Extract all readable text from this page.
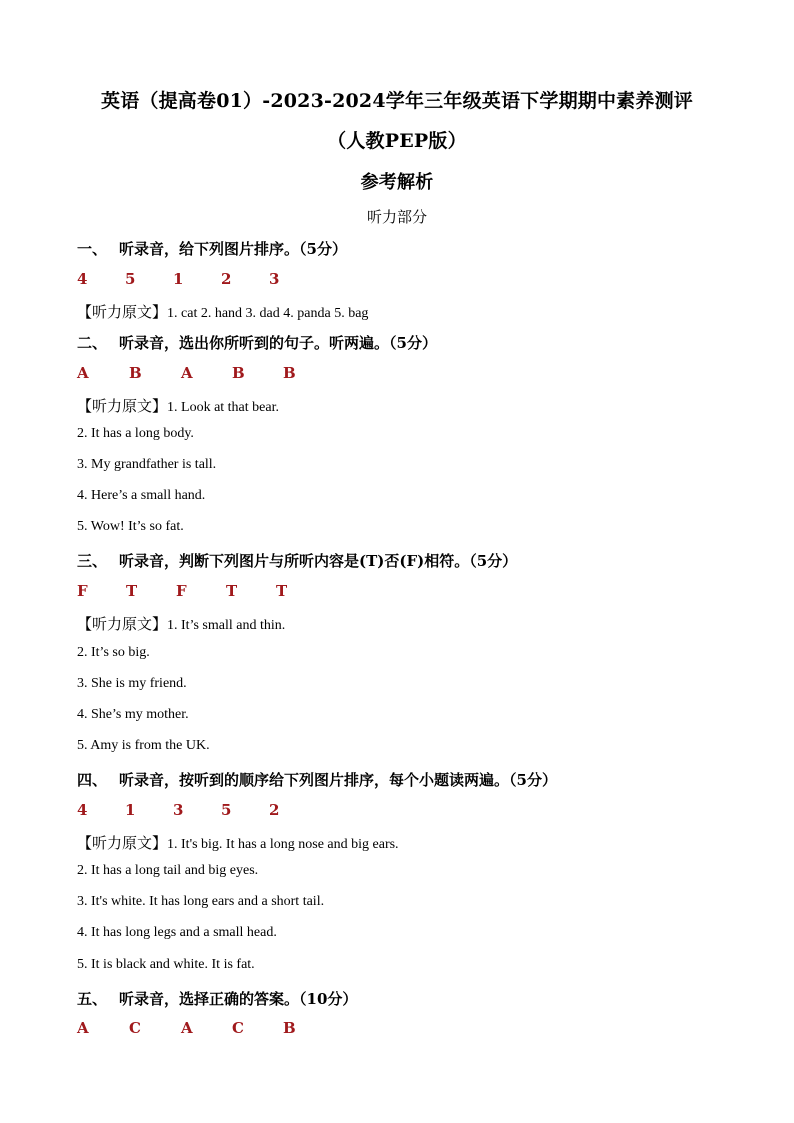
英语（提高卷01）-2023-2024学年三年级英语下学期期中素养测评
（人教PEP版）
参考解析
听力部分
一、 听录音，给下列图片排序。（5分）
4	5	1	2	3
【听力原文】1. cat 2. hand 3. dad 4. panda 5. bag
二、 听录音，选出你所听到的句子。听两遍。（5分）
A	B	A	B	B
【听力原文】1. Look at that bear.
2. It has a long body.
3. My grandfather is tall.
4. Here’s a small hand.
5. Wow! It’s so fat.
三、 听录音，判断下列图片与所听内容是(T)否(F)相符。（5分）
F	T	F	T	T
【听力原文】1. It’s small and thin.
2. It’s so big.
3. She is my friend.
4. She’s my mother.
5. Amy is from the UK.
四、 听录音，按听到的顺序给下列图片排序，每个小题读两遍。（5分）
4	1	3	5	2
【听力原文】1. It's big. It has a long nose and big ears.
2. It has a long tail and big eyes.
3. It's white. It has long ears and a short tail.
4. It has long legs and a small head.
5. It is black and white. It is fat.
五、 听录音，选择正确的答案。（10分）
A	C	A	C	B
